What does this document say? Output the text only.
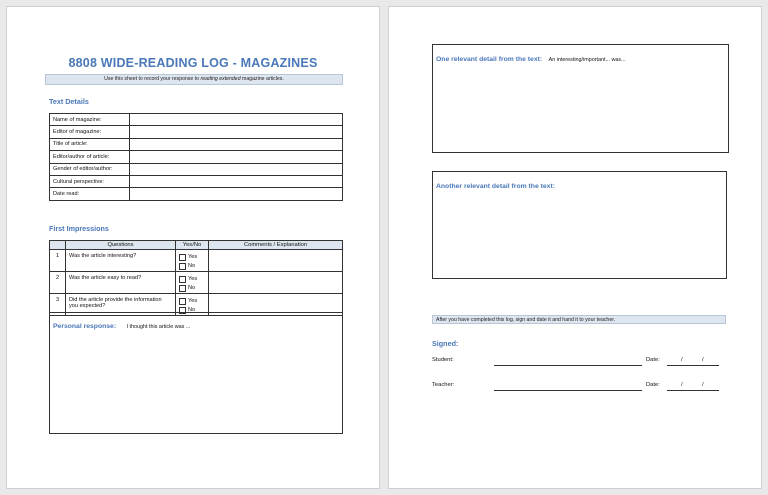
8808 WIDE-READING LOG - MAGAZINES
Use this sheet to record your response to reading extended magazine articles.
Text Details
Name of magazine:	
Editor of magazine:	
Title of article:	
Editor/author of article:	
Gender of editor/author:	
Cultural perspective:	
Date read:	
First Impressions
	Questions	Yes/No	Comments / Explanation
1	Was the article interesting?	Yes
No	

2	Was the article easy to read?	Yes
No	

3	Did the article provide the information you expected?	Yes
No	

Personal response: I thought this article was ...
One relevant detail from the text: An interesting/important... was...
Another relevant detail from the text:
After you have completed this log, sign and date it and hand it to your teacher.
Signed:
Student:	Date:	/	/
Teacher:	Date:	/	/
